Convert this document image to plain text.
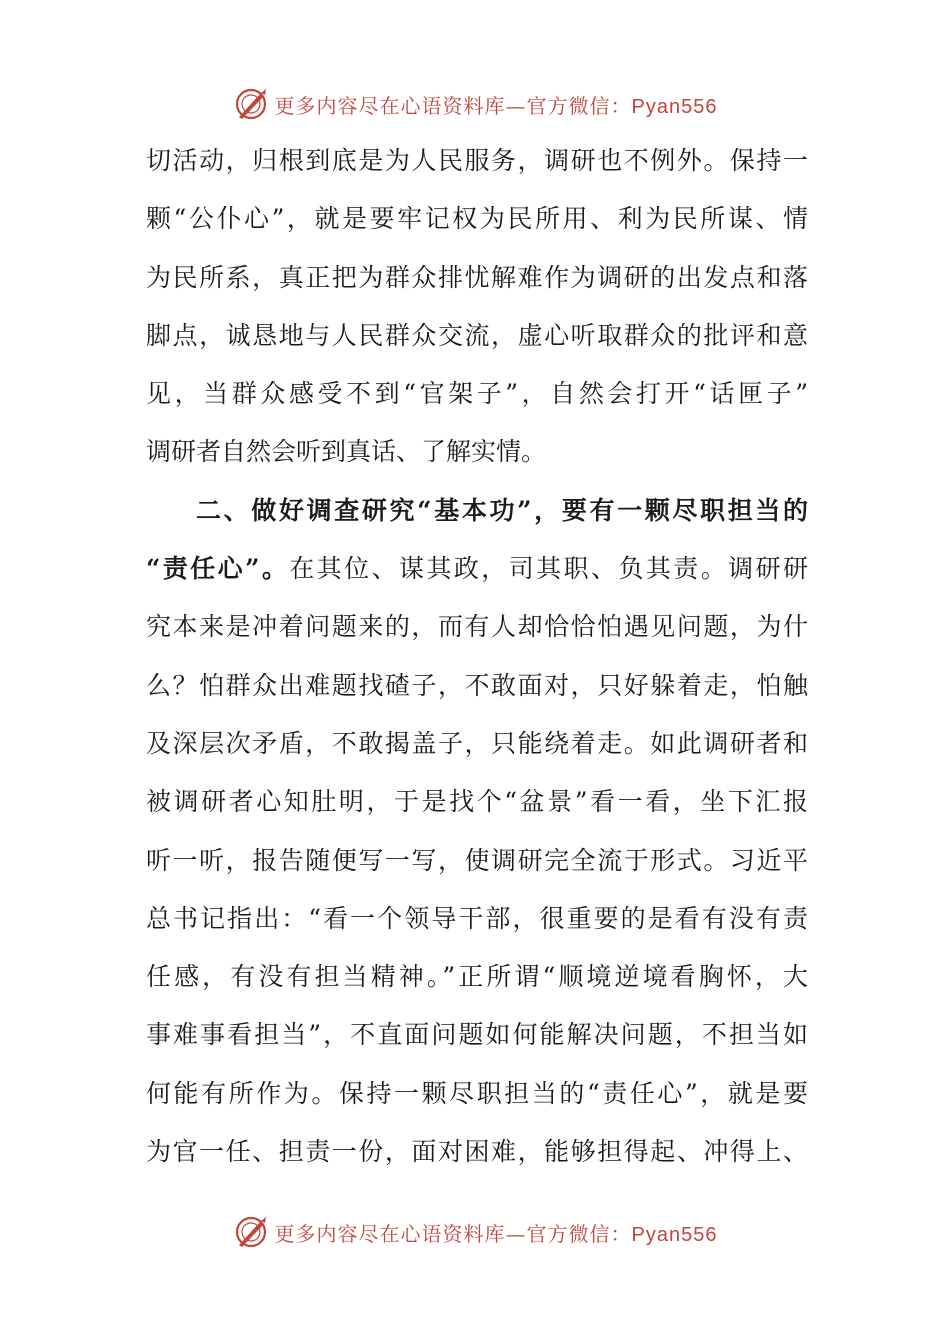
更多内容尽在心语资料库—官方微信：Pyan556
切活动，归根到底是为人民服务，调研也不例外。保持一
颗“公仆心”，就是要牢记权为民所用、利为民所谋、情
为民所系，真正把为群众排忧解难作为调研的出发点和落
脚点，诚恳地与人民群众交流，虚心听取群众的批评和意
见，当群众感受不到“官架子”，自然会打开“话匣子”
调研者自然会听到真话、了解实情。
二、做好调查研究“基本功”，要有一颗尽职担当的
“责任心”。在其位、谋其政，司其职、负其责。调研研
究本来是冲着问题来的，而有人却恰恰怕遇见问题，为什
么？怕群众出难题找碴子，不敢面对，只好躲着走，怕触
及深层次矛盾，不敢揭盖子，只能绕着走。如此调研者和
被调研者心知肚明，于是找个“盆景”看一看，坐下汇报
听一听，报告随便写一写，使调研完全流于形式。习近平
总书记指出：“看一个领导干部，很重要的是看有没有责
任感，有没有担当精神。”正所谓“顺境逆境看胸怀，大
事难事看担当”，不直面问题如何能解决问题，不担当如
何能有所作为。保持一颗尽职担当的“责任心”，就是要
为官一任、担责一份，面对困难，能够担得起、冲得上、
更多内容尽在心语资料库—官方微信：Pyan556
